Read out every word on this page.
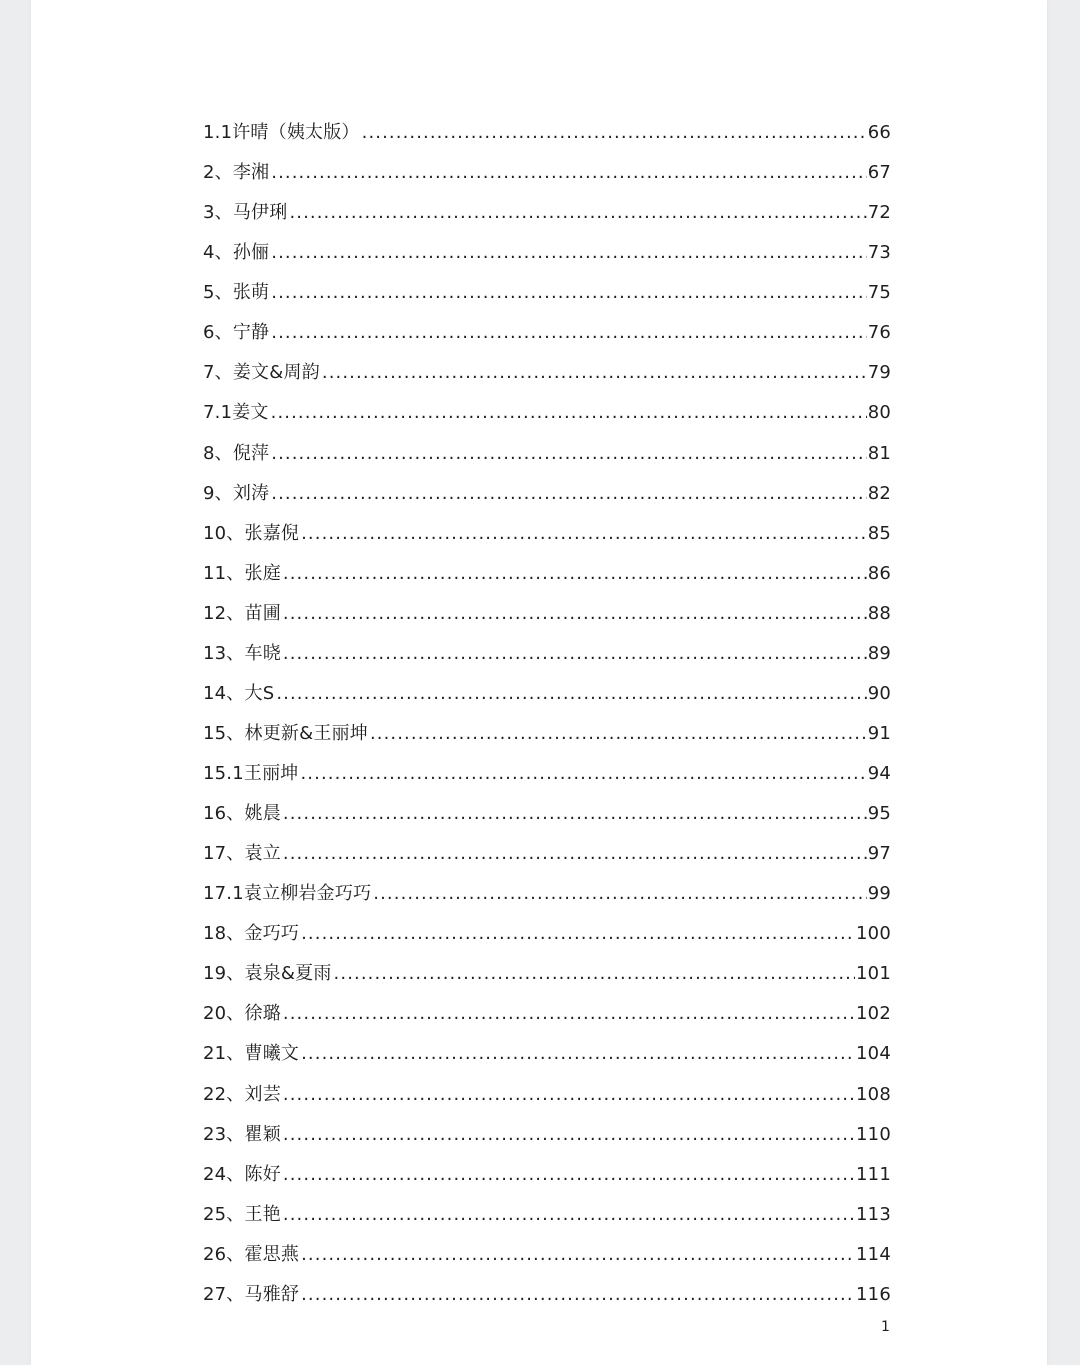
1.1许晴（姨太版） .....	66
2、李湘 .....	67
3、马伊琍 .....	72
4、孙俪 .....	73
5、张萌 .....	75
6、宁静 .....	76
7、姜文&周韵 .....	79
7.1姜文 .....	80
8、倪萍 .....	81
9、刘涛 .....	82
10、张嘉倪 .....	85
11、张庭 .....	86
12、苗圃 .....	88
13、车晓 .....	89
14、大S .....	90
15、林更新&王丽坤 .....	91
15.1王丽坤 .....	94
16、姚晨 .....	95
17、袁立 .....	97
17.1袁立柳岩金巧巧 .....	99
18、金巧巧 .....	100
19、袁泉&夏雨 .....	101
20、徐璐 .....	102
21、曹曦文 .....	104
22、刘芸 .....	108
23、瞿颖 .....	110
24、陈好 .....	111
25、王艳 .....	113
26、霍思燕 .....	114
27、马雅舒 .....	116
1
